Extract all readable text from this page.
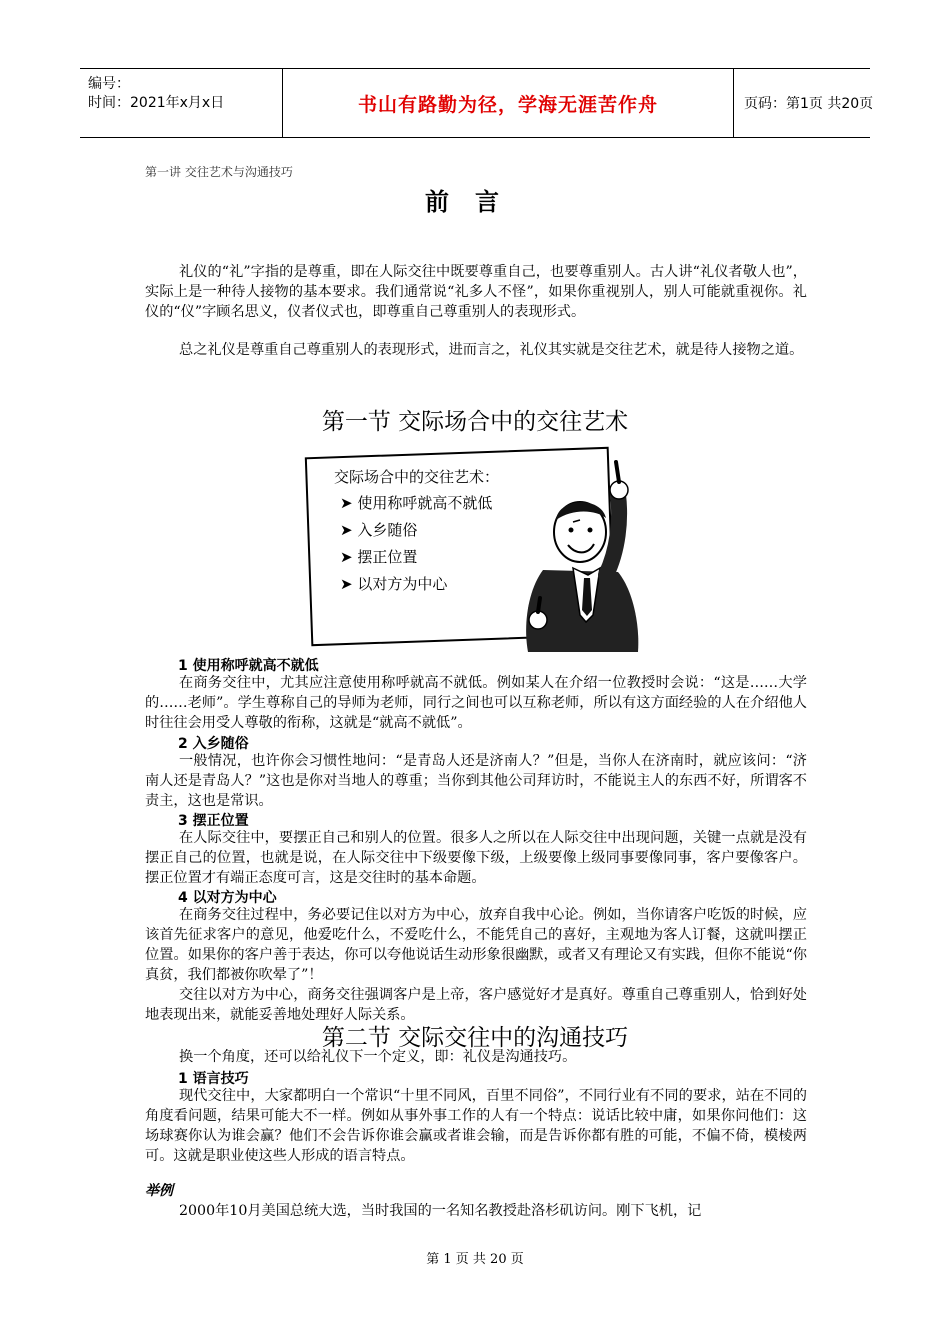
编号：
时间：2021年x月x日	书山有路勤为径，学海无涯苦作舟	页码：第1页 共20页
第一讲 交往艺术与沟通技巧
前言

礼仪的“礼”字指的是尊重，即在人际交往中既要尊重自己，也要尊重别人。古人讲“礼仪者敬人也”，实际上是一种待人接物的基本要求。我们通常说“礼多人不怪”，如果你重视别人，别人可能就重视你。礼仪的“仪”字顾名思义，仪者仪式也，即尊重自己尊重别人的表现形式。

总之礼仪是尊重自己尊重别人的表现形式，进而言之，礼仪其实就是交往艺术，就是待人接物之道。

第一节 交际场合中的交往艺术
交际场合中的交往艺术：
➤ 使用称呼就高不就低
➤ 入乡随俗
➤ 摆正位置
➤ 以对方为中心
1 使用称呼就高不就低

在商务交往中，尤其应注意使用称呼就高不就低。例如某人在介绍一位教授时会说：“这是……大学的……老师”。学生尊称自己的导师为老师，同行之间也可以互称老师，所以有这方面经验的人在介绍他人时往往会用受人尊敬的衔称，这就是“就高不就低”。

2 入乡随俗

一般情况，也许你会习惯性地问：“是青岛人还是济南人？”但是，当你人在济南时，就应该问：“济南人还是青岛人？”这也是你对当地人的尊重；当你到其他公司拜访时，不能说主人的东西不好，所谓客不责主，这也是常识。

3 摆正位置

在人际交往中，要摆正自己和别人的位置。很多人之所以在人际交往中出现问题，关键一点就是没有摆正自己的位置，也就是说，在人际交往中下级要像下级，上级要像上级同事要像同事，客户要像客户。摆正位置才有端正态度可言，这是交往时的基本命题。

4 以对方为中心

在商务交往过程中，务必要记住以对方为中心，放弃自我中心论。例如，当你请客户吃饭的时候，应该首先征求客户的意见，他爱吃什么，不爱吃什么，不能凭自己的喜好，主观地为客人订餐，这就叫摆正位置。如果你的客户善于表达，你可以夸他说话生动形象很幽默，或者又有理论又有实践，但你不能说“你真贫，我们都被你吹晕了”！

交往以对方为中心，商务交往强调客户是上帝，客户感觉好才是真好。尊重自己尊重别人，恰到好处地表现出来，就能妥善地处理好人际关系。

第二节 交际交往中的沟通技巧

换一个角度，还可以给礼仪下一个定义，即：礼仪是沟通技巧。

1 语言技巧

现代交往中，大家都明白一个常识“十里不同风，百里不同俗”，不同行业有不同的要求，站在不同的角度看问题，结果可能大不一样。例如从事外事工作的人有一个特点：说话比较中庸，如果你问他们：这场球赛你认为谁会赢？他们不会告诉你谁会赢或者谁会输，而是告诉你都有胜的可能，不偏不倚，模棱两可。这就是职业使这些人形成的语言特点。

举例

2000年10月美国总统大选，当时我国的一名知名教授赴洛杉矶访问。刚下飞机，记

第 1 页 共 20 页
